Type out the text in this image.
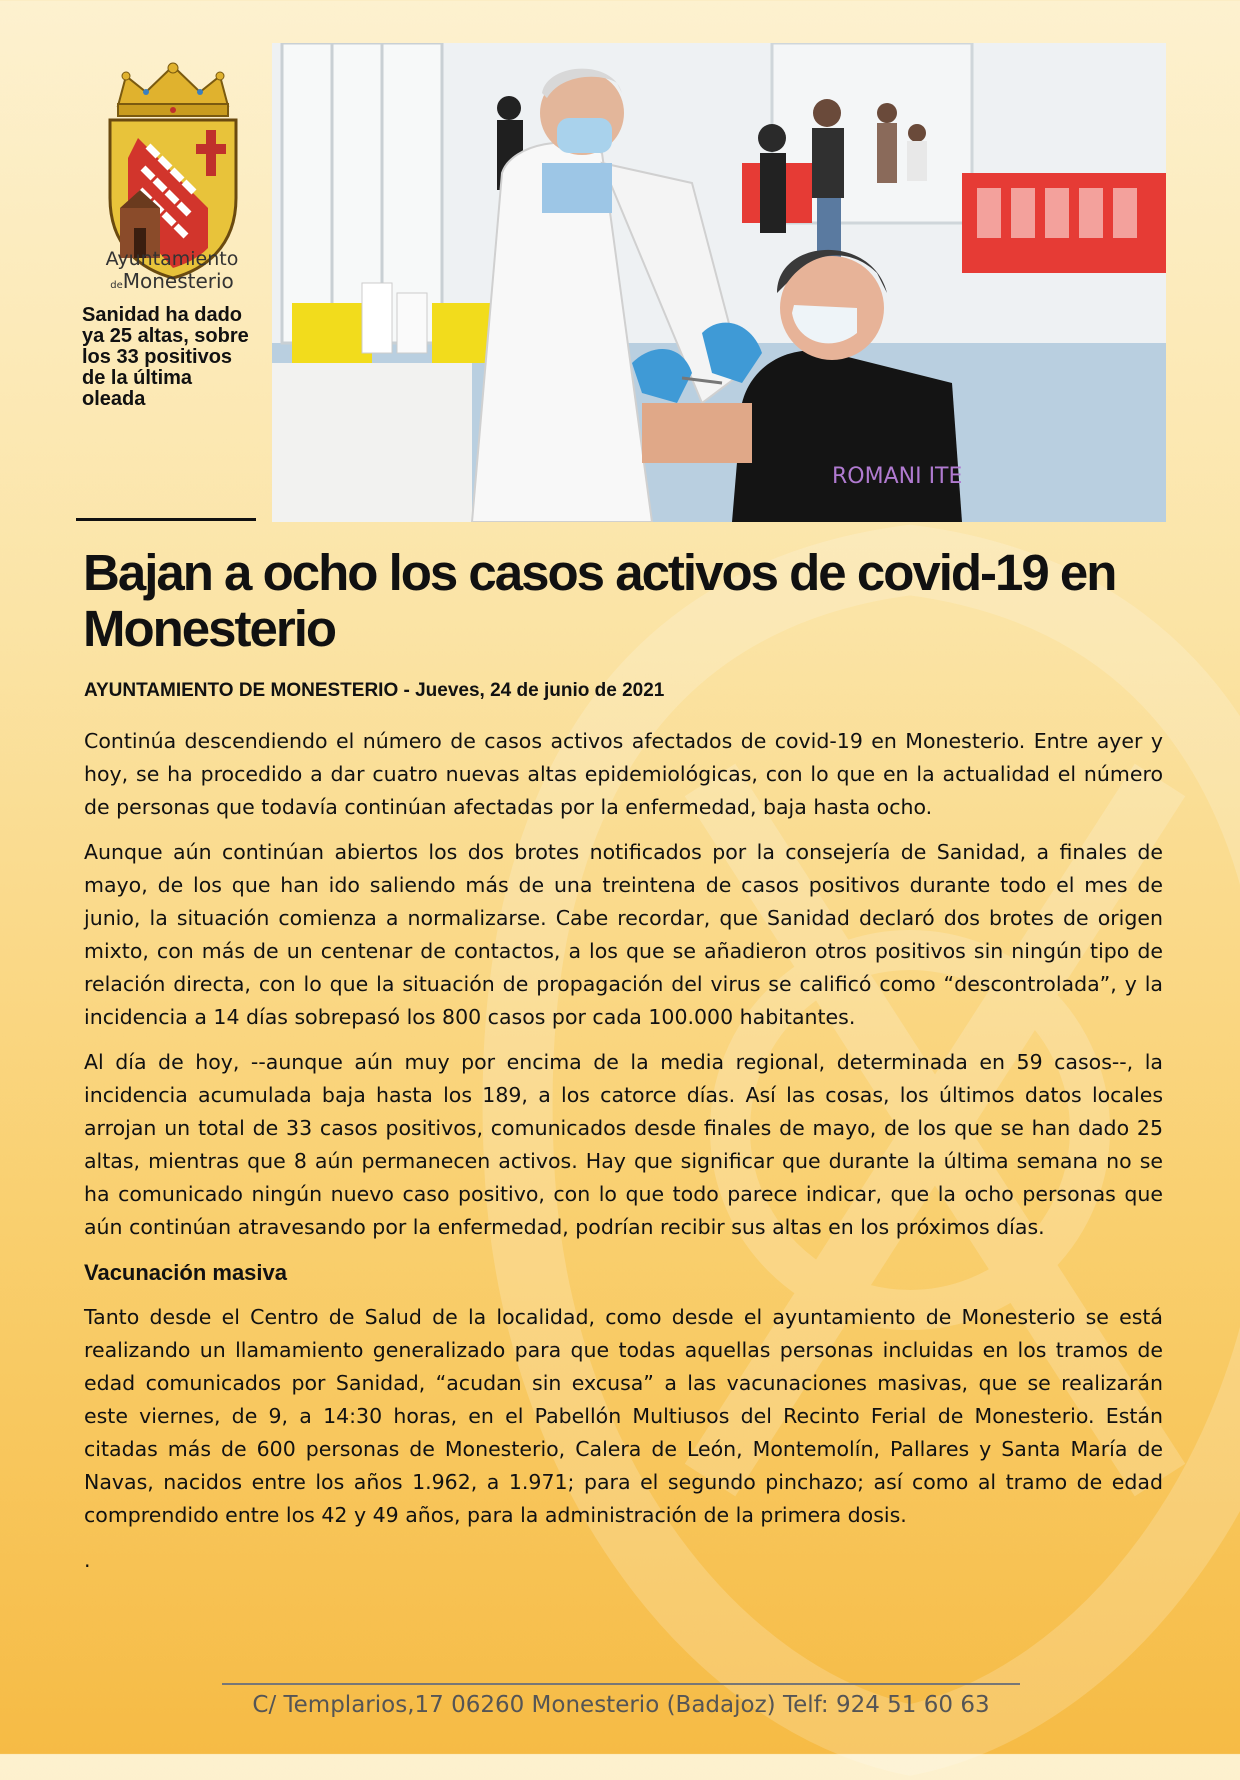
Ayuntamiento
deMonesterio

Sanidad ha dado ya 25 altas, sobre los 33 positivos de la última oleada

ROMANI ITE
Bajan a ocho los casos activos de covid-19 en Monesterio

AYUNTAMIENTO DE MONESTERIO - Jueves, 24 de junio de 2021

Continúa descendiendo el número de casos activos afectados de covid-19 en Monesterio. Entre ayer y hoy, se ha procedido a dar cuatro nuevas altas epidemiológicas, con lo que en la actualidad el número de personas que todavía continúan afectadas por la enfermedad, baja hasta ocho.

Aunque aún continúan abiertos los dos brotes notificados por la consejería de Sanidad, a finales de mayo, de los que han ido saliendo más de una treintena de casos positivos durante todo el mes de junio, la situación comienza a normalizarse. Cabe recordar, que Sanidad declaró dos brotes de origen mixto, con más de un centenar de contactos, a los que se añadieron otros positivos sin ningún tipo de relación directa, con lo que la situación de propagación del virus se calificó como “descontrolada”, y la incidencia a 14 días sobrepasó los 800 casos por cada 100.000 habitantes.

Al día de hoy, --aunque aún muy por encima de la media regional, determinada en 59 casos--, la incidencia acumulada baja hasta los 189, a los catorce días. Así las cosas, los últimos datos locales arrojan un total de 33 casos positivos, comunicados desde finales de mayo, de los que se han dado 25 altas, mientras que 8 aún permanecen activos. Hay que significar que durante la última semana no se ha comunicado ningún nuevo caso positivo, con lo que todo parece indicar, que la ocho personas que aún continúan atravesando por la enfermedad, podrían recibir sus altas en los próximos días.

Vacunación masiva

Tanto desde el Centro de Salud de la localidad, como desde el ayuntamiento de Monesterio se está realizando un llamamiento generalizado para que todas aquellas personas incluidas en los tramos de edad comunicados por Sanidad, “acudan sin excusa” a las vacunaciones masivas, que se realizarán este viernes, de 9, a 14:30 horas, en el Pabellón Multiusos del Recinto Ferial de Monesterio. Están citadas más de 600 personas de Monesterio, Calera de León, Montemolín, Pallares y Santa María de Navas, nacidos entre los años 1.962, a 1.971; para el segundo pinchazo; así como al tramo de edad comprendido entre los 42 y 49 años, para la administración de la primera dosis.

.

C/ Templarios,17 06260 Monesterio (Badajoz) Telf: 924 51 60 63
